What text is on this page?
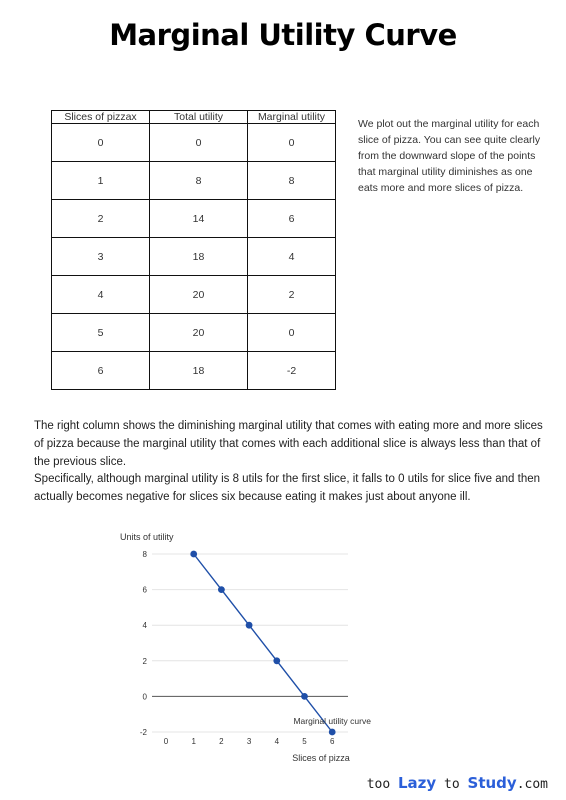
Marginal Utility Curve
Slices of pizzax	Total utility	Marginal utility
0	0	0
1	8	8
2	14	6
3	18	4
4	20	2
5	20	0
6	18	-2
We plot out the marginal utility for each slice of pizza. You can see quite clearly from the downward slope of the points that marginal utility diminishes as one eats more and more slices of pizza.
The right column shows the diminishing marginal utility that comes with eating more and more slices of pizza because the marginal utility that comes with each additional slice is always less than that of the previous slice.
Specifically, although marginal utility is 8 utils for the first slice, it falls to 0 utils for slice five and then actually becomes negative for slices six because eating it makes just about anyone ill.
Units of utility
Slices of pizza
8
6
4
2
0
-2
0	1	2	3	4	5	6
Marginal utility curve
too Lazy to Study.com
